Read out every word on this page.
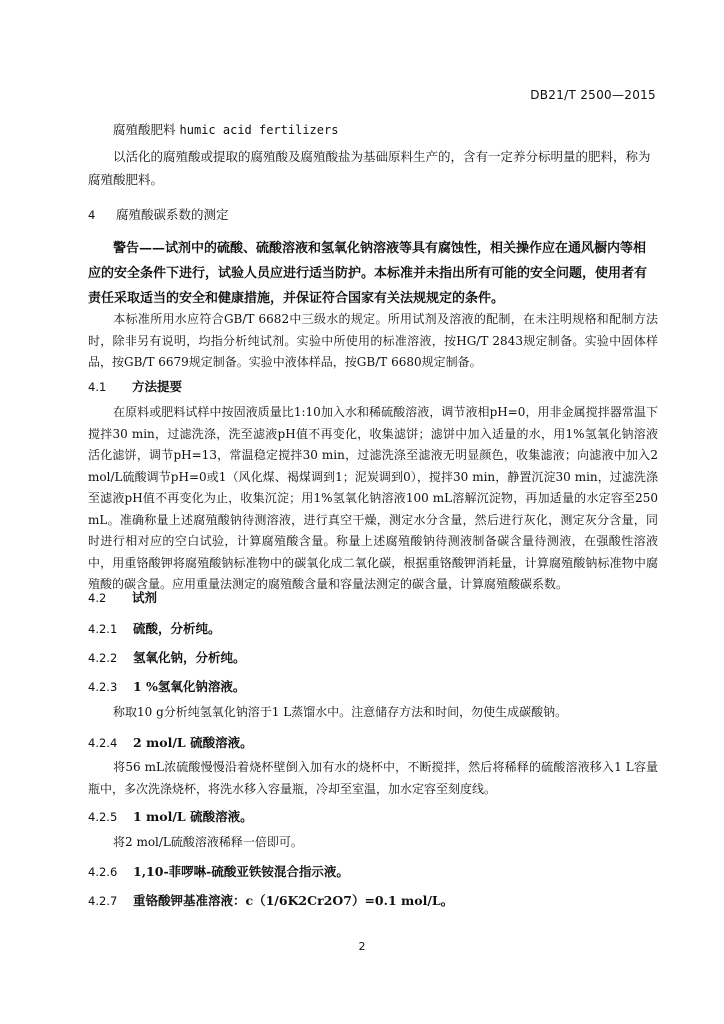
DB21/T 2500—2015
腐殖酸肥料 humic acid fertilizers
以活化的腐殖酸或提取的腐殖酸及腐殖酸盐为基础原料生产的，含有一定养分标明量的肥料，称为腐殖酸肥料。
4 腐殖酸碳系数的测定
警告——试剂中的硫酸、硫酸溶液和氢氧化钠溶液等具有腐蚀性，相关操作应在通风橱内等相应的安全条件下进行，试验人员应进行适当防护。本标准并未指出所有可能的安全问题，使用者有责任采取适当的安全和健康措施，并保证符合国家有关法规规定的条件。
本标准所用水应符合GB/T 6682中三级水的规定。所用试剂及溶液的配制，在未注明规格和配制方法时，除非另有说明，均指分析纯试剂。实验中所使用的标准溶液，按HG/T 2843规定制备。实验中固体样品，按GB/T 6679规定制备。实验中液体样品，按GB/T 6680规定制备。
4.1 方法提要
在原料或肥料试样中按固液质量比1:10加入水和稀硫酸溶液，调节液相pH=0，用非金属搅拌器常温下搅拌30 min，过滤洗涤，洗至滤液pH值不再变化，收集滤饼；滤饼中加入适量的水，用1%氢氧化钠溶液活化滤饼，调节pH=13，常温稳定搅拌30 min，过滤洗涤至滤液无明显颜色，收集滤液；向滤液中加入2 mol/L硫酸调节pH=0或1（风化煤、褐煤调到1；泥炭调到0），搅拌30 min，静置沉淀30 min，过滤洗涤至滤液pH值不再变化为止，收集沉淀；用1%氢氧化钠溶液100 mL溶解沉淀物，再加适量的水定容至250 mL。准确称量上述腐殖酸钠待测溶液，进行真空干燥，测定水分含量，然后进行灰化，测定灰分含量，同时进行相对应的空白试验，计算腐殖酸含量。称量上述腐殖酸钠待测液制备碳含量待测液，在强酸性溶液中，用重铬酸钾将腐殖酸钠标准物中的碳氧化成二氧化碳，根据重铬酸钾消耗量，计算腐殖酸钠标准物中腐殖酸的碳含量。应用重量法测定的腐殖酸含量和容量法测定的碳含量，计算腐殖酸碳系数。
4.2 试剂
4.2.1 硫酸，分析纯。
4.2.2 氢氧化钠，分析纯。
4.2.3 1 %氢氧化钠溶液。
称取10 g分析纯氢氧化钠溶于1 L蒸馏水中。注意储存方法和时间，勿使生成碳酸钠。
4.2.4 2 mol/L 硫酸溶液。
将56 mL浓硫酸慢慢沿着烧杯壁倒入加有水的烧杯中，不断搅拌，然后将稀释的硫酸溶液移入1 L容量瓶中，多次洗涤烧杯，将洗水移入容量瓶，冷却至室温，加水定容至刻度线。
4.2.5 1 mol/L 硫酸溶液。
将2 mol/L硫酸溶液稀释一倍即可。
4.2.6 1,10-菲啰啉-硫酸亚铁铵混合指示液。
4.2.7 重铬酸钾基准溶液：c（1/6K2Cr2O7）=0.1 mol/L。
2
